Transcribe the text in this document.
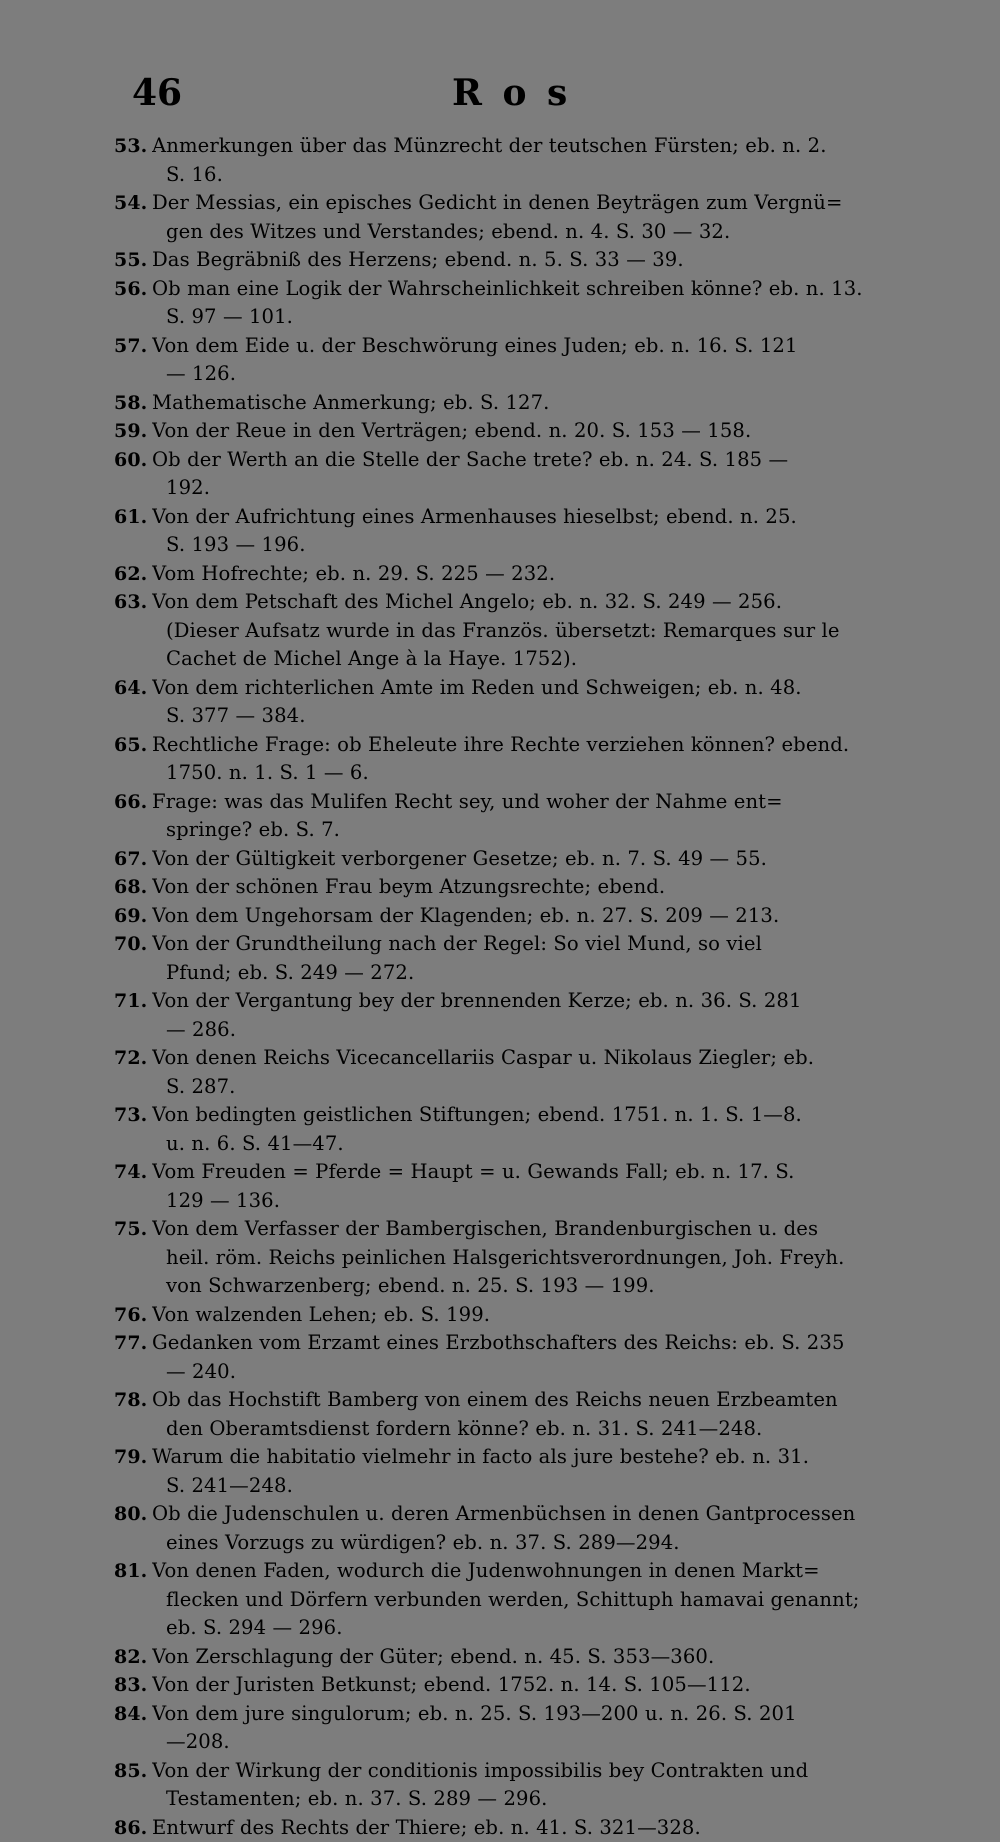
46	R o s
53. Anmerkungen über das Münzrecht der teutschen Fürsten; eb. n. 2.
S. 16.
54. Der Messias, ein episches Gedicht in denen Beyträgen zum Vergnü=
gen des Witzes und Verstandes; ebend. n. 4. S. 30 — 32.
55. Das Begräbniß des Herzens; ebend. n. 5. S. 33 — 39.
56. Ob man eine Logik der Wahrscheinlichkeit schreiben könne? eb. n. 13.
S. 97 — 101.
57. Von dem Eide u. der Beschwörung eines Juden; eb. n. 16. S. 121
— 126.
58. Mathematische Anmerkung; eb. S. 127.
59. Von der Reue in den Verträgen; ebend. n. 20. S. 153 — 158.
60. Ob der Werth an die Stelle der Sache trete? eb. n. 24. S. 185 —
192.
61. Von der Aufrichtung eines Armenhauses hieselbst; ebend. n. 25.
S. 193 — 196.
62. Vom Hofrechte; eb. n. 29. S. 225 — 232.
63. Von dem Petschaft des Michel Angelo; eb. n. 32. S. 249 — 256.
(Dieser Aufsatz wurde in das Französ. übersetzt: Remarques sur le
Cachet de Michel Ange à la Haye. 1752).
64. Von dem richterlichen Amte im Reden und Schweigen; eb. n. 48.
S. 377 — 384.
65. Rechtliche Frage: ob Eheleute ihre Rechte verziehen können? ebend.
1750. n. 1. S. 1 — 6.
66. Frage: was das Mulifen Recht sey, und woher der Nahme ent=
springe? eb. S. 7.
67. Von der Gültigkeit verborgener Gesetze; eb. n. 7. S. 49 — 55.
68. Von der schönen Frau beym Atzungsrechte; ebend.
69. Von dem Ungehorsam der Klagenden; eb. n. 27. S. 209 — 213.
70. Von der Grundtheilung nach der Regel: So viel Mund, so viel
Pfund; eb. S. 249 — 272.
71. Von der Vergantung bey der brennenden Kerze; eb. n. 36. S. 281
— 286.
72. Von denen Reichs Vicecancellariis Caspar u. Nikolaus Ziegler; eb.
S. 287.
73. Von bedingten geistlichen Stiftungen; ebend. 1751. n. 1. S. 1—8.
u. n. 6. S. 41—47.
74. Vom Freuden = Pferde = Haupt = u. Gewands Fall; eb. n. 17. S.
129 — 136.
75. Von dem Verfasser der Bambergischen, Brandenburgischen u. des
heil. röm. Reichs peinlichen Halsgerichtsverordnungen, Joh. Freyh.
von Schwarzenberg; ebend. n. 25. S. 193 — 199.
76. Von walzenden Lehen; eb. S. 199.
77. Gedanken vom Erzamt eines Erzbothschafters des Reichs: eb. S. 235
— 240.
78. Ob das Hochstift Bamberg von einem des Reichs neuen Erzbeamten
den Oberamtsdienst fordern könne? eb. n. 31. S. 241—248.
79. Warum die habitatio vielmehr in facto als jure bestehe? eb. n. 31.
S. 241—248.
80. Ob die Judenschulen u. deren Armenbüchsen in denen Gantprocessen
eines Vorzugs zu würdigen? eb. n. 37. S. 289—294.
81. Von denen Faden, wodurch die Judenwohnungen in denen Markt=
flecken und Dörfern verbunden werden, Schittuph hamavai genannt;
eb. S. 294 — 296.
82. Von Zerschlagung der Güter; ebend. n. 45. S. 353—360.
83. Von der Juristen Betkunst; ebend. 1752. n. 14. S. 105—112.
84. Von dem jure singulorum; eb. n. 25. S. 193—200 u. n. 26. S. 201
—208.
85. Von der Wirkung der conditionis impossibilis bey Contrakten und
Testamenten; eb. n. 37. S. 289 — 296.
86. Entwurf des Rechts der Thiere; eb. n. 41. S. 321—328.
